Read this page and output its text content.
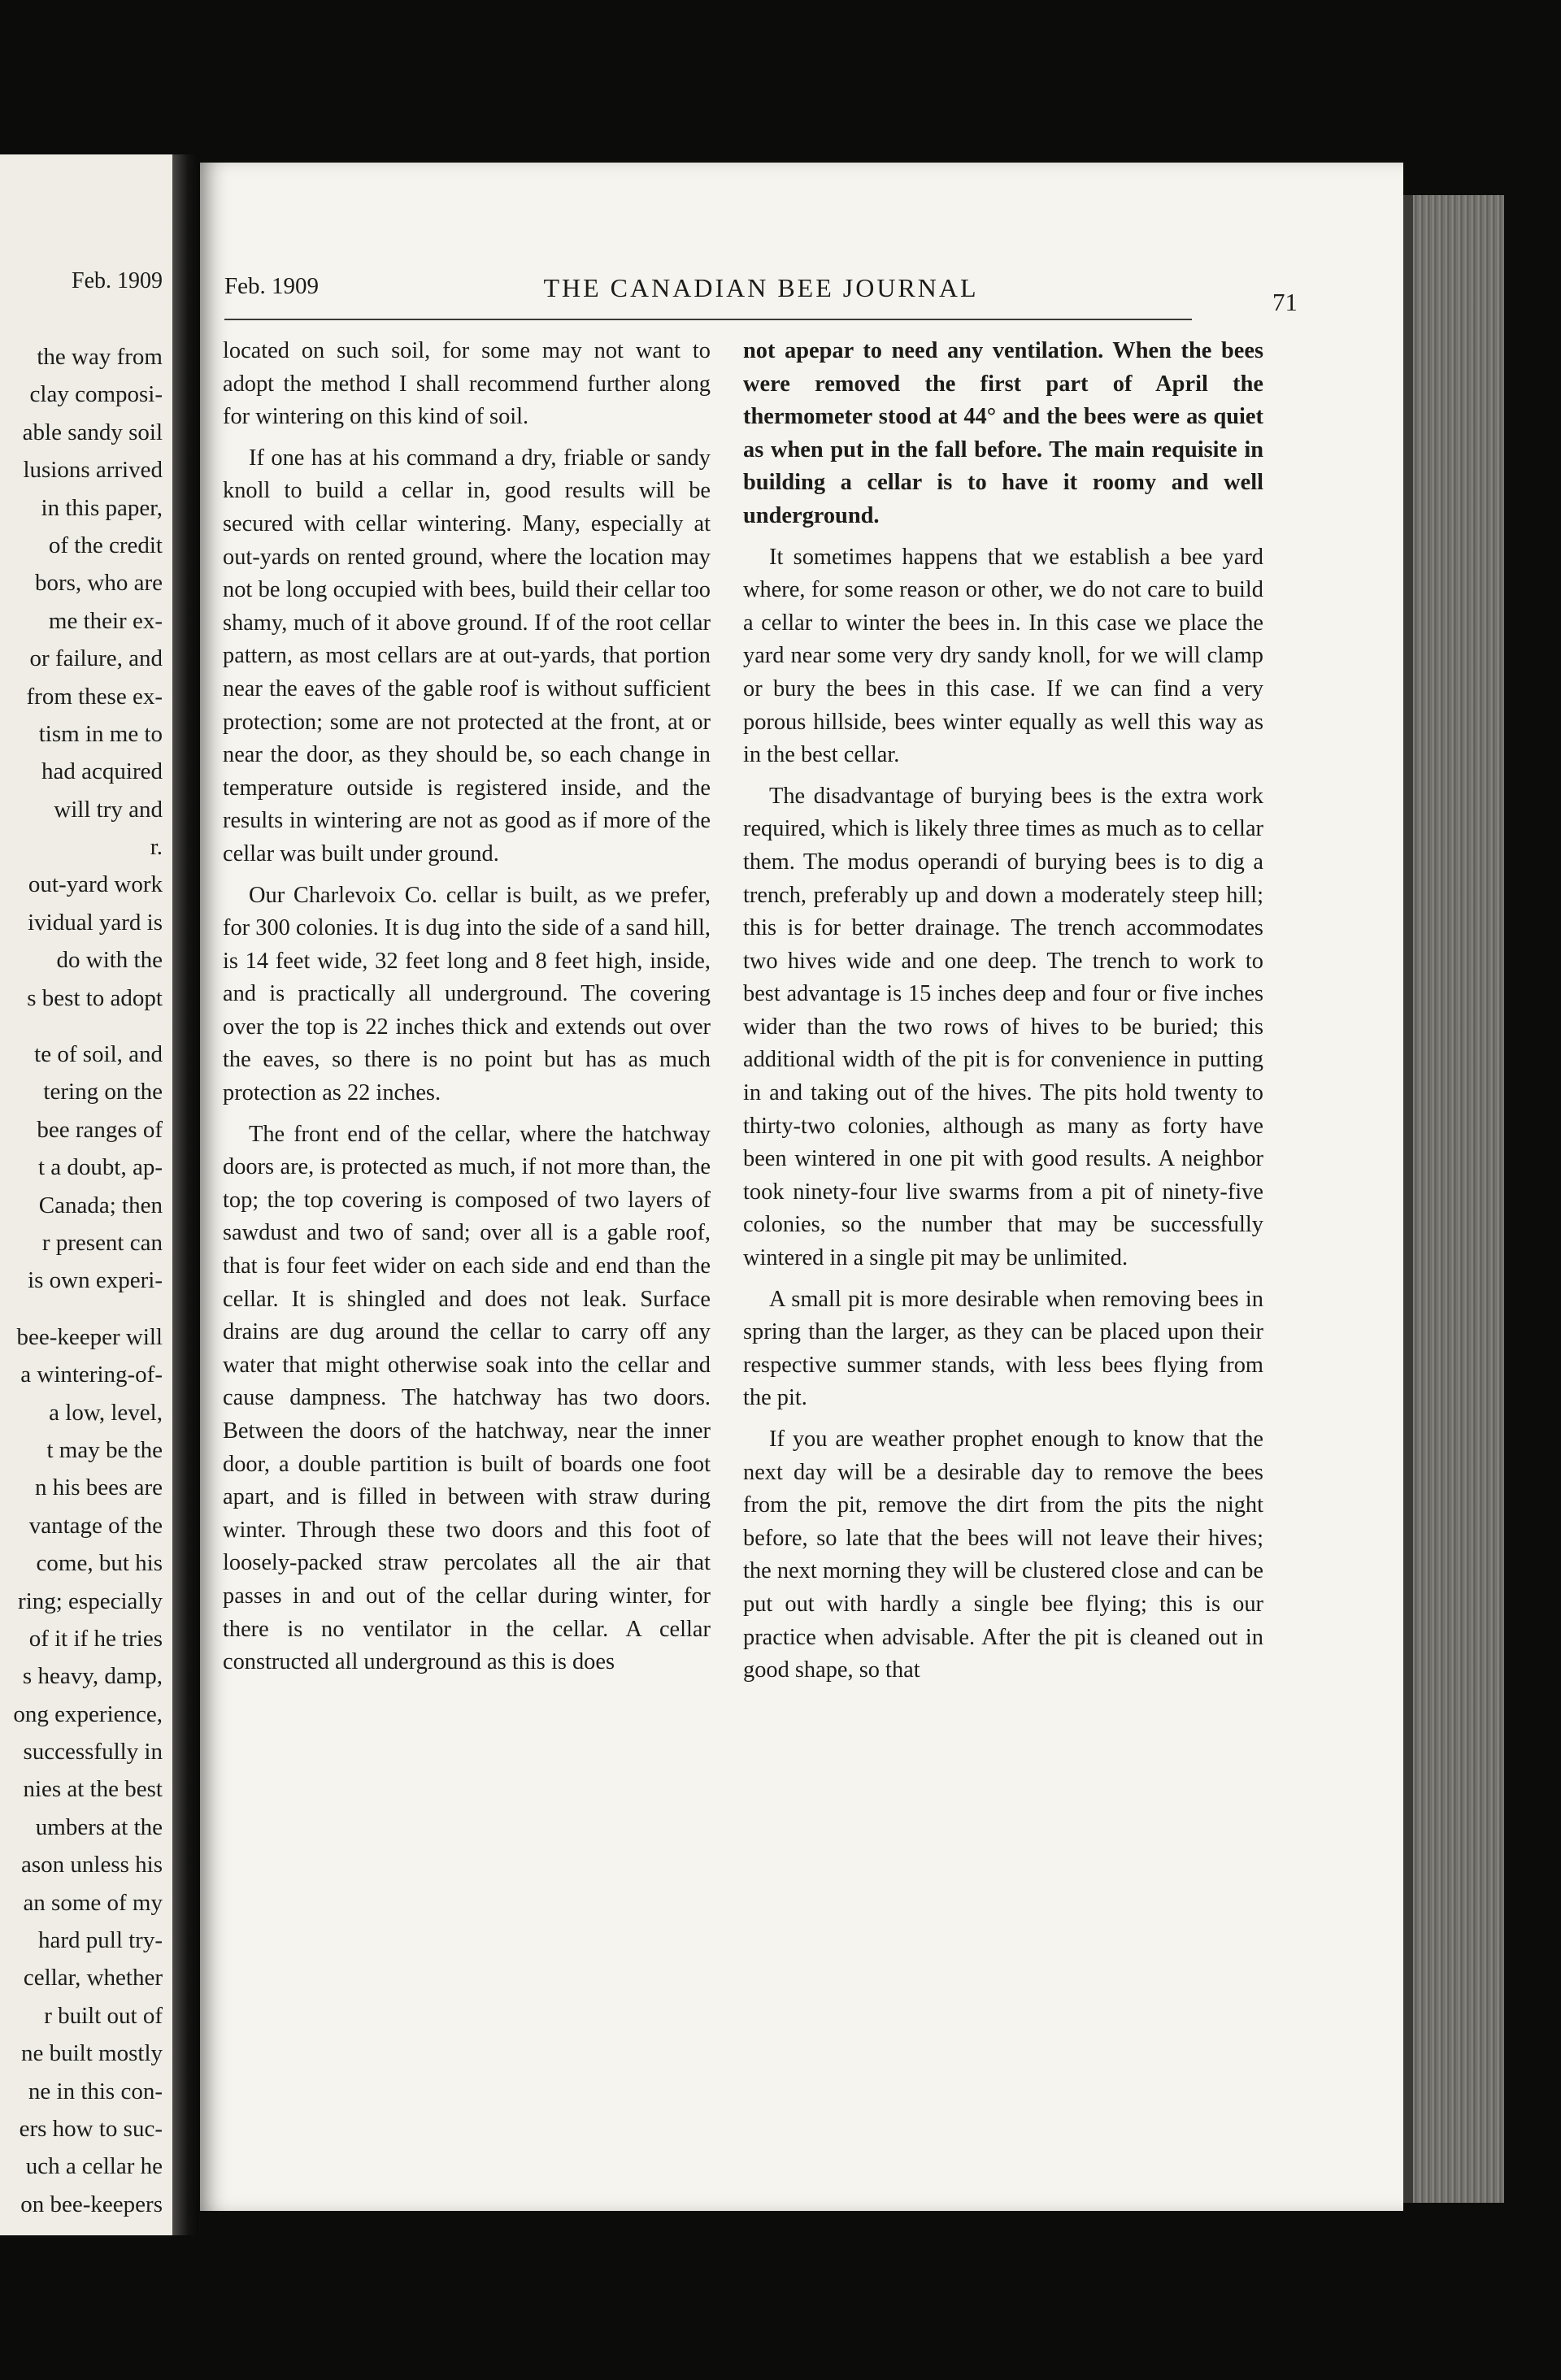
Feb. 1909
the way from
clay composi-
able sandy soil
lusions arrived
in this paper,
of the credit
bors, who are
me their ex-
or failure, and
from these ex-
tism in me to
had acquired
will try and
r.
out-yard work
ividual yard is
do with the
s best to adopt
te of soil, and
tering on the
bee ranges of
t a doubt, ap-
Canada; then
r present can
is own experi-
bee-keeper will
a wintering-of-
a low, level,
t may be the
n his bees are
vantage of the
come, but his
ring; especially
of it if he tries
s heavy, damp,
ong experience,
successfully in
nies at the best
umbers at the
ason unless his
an some of my
hard pull try-
cellar, whether
r built out of
ne built mostly
ne in this con-
ers how to suc-
uch a cellar he
on bee-keepers
Feb. 1909	THE CANADIAN BEE JOURNAL	71

located on such soil, for some may not want to adopt the method I shall recommend further along for wintering on this kind of soil.

If one has at his command a dry, friable or sandy knoll to build a cellar in, good results will be secured with cellar wintering. Many, especially at out-yards on rented ground, where the location may not be long occupied with bees, build their cellar too shamy, much of it above ground. If of the root cellar pattern, as most cellars are at out-yards, that portion near the eaves of the gable roof is without sufficient protection; some are not protected at the front, at or near the door, as they should be, so each change in temperature outside is registered inside, and the results in wintering are not as good as if more of the cellar was built under ground.

Our Charlevoix Co. cellar is built, as we prefer, for 300 colonies. It is dug into the side of a sand hill, is 14 feet wide, 32 feet long and 8 feet high, inside, and is practically all underground. The covering over the top is 22 inches thick and extends out over the eaves, so there is no point but has as much protection as 22 inches.

The front end of the cellar, where the hatchway doors are, is protected as much, if not more than, the top; the top covering is composed of two layers of sawdust and two of sand; over all is a gable roof, that is four feet wider on each side and end than the cellar. It is shingled and does not leak. Surface drains are dug around the cellar to carry off any water that might otherwise soak into the cellar and cause dampness. The hatchway has two doors. Between the doors of the hatchway, near the inner door, a double partition is built of boards one foot apart, and is filled in between with straw during winter. Through these two doors and this foot of loosely-packed straw percolates all the air that passes in and out of the cellar during winter, for there is no ventilator in the cellar. A cellar constructed all underground as this is does

not apepar to need any ventilation. When the bees were removed the first part of April the thermometer stood at 44° and the bees were as quiet as when put in the fall before. The main requisite in building a cellar is to have it roomy and well underground.

It sometimes happens that we establish a bee yard where, for some reason or other, we do not care to build a cellar to winter the bees in. In this case we place the yard near some very dry sandy knoll, for we will clamp or bury the bees in this case. If we can find a very porous hillside, bees winter equally as well this way as in the best cellar.

The disadvantage of burying bees is the extra work required, which is likely three times as much as to cellar them. The modus operandi of burying bees is to dig a trench, preferably up and down a moderately steep hill; this is for better drainage. The trench accommodates two hives wide and one deep. The trench to work to best advantage is 15 inches deep and four or five inches wider than the two rows of hives to be buried; this additional width of the pit is for convenience in putting in and taking out of the hives. The pits hold twenty to thirty-two colonies, although as many as forty have been wintered in one pit with good results. A neighbor took ninety-four live swarms from a pit of ninety-five colonies, so the number that may be successfully wintered in a single pit may be unlimited.

A small pit is more desirable when removing bees in spring than the larger, as they can be placed upon their respective summer stands, with less bees flying from the pit.

If you are weather prophet enough to know that the next day will be a desirable day to remove the bees from the pit, remove the dirt from the pits the night before, so late that the bees will not leave their hives; the next morning they will be clustered close and can be put out with hardly a single bee flying; this is our practice when advisable. After the pit is cleaned out in good shape, so that
